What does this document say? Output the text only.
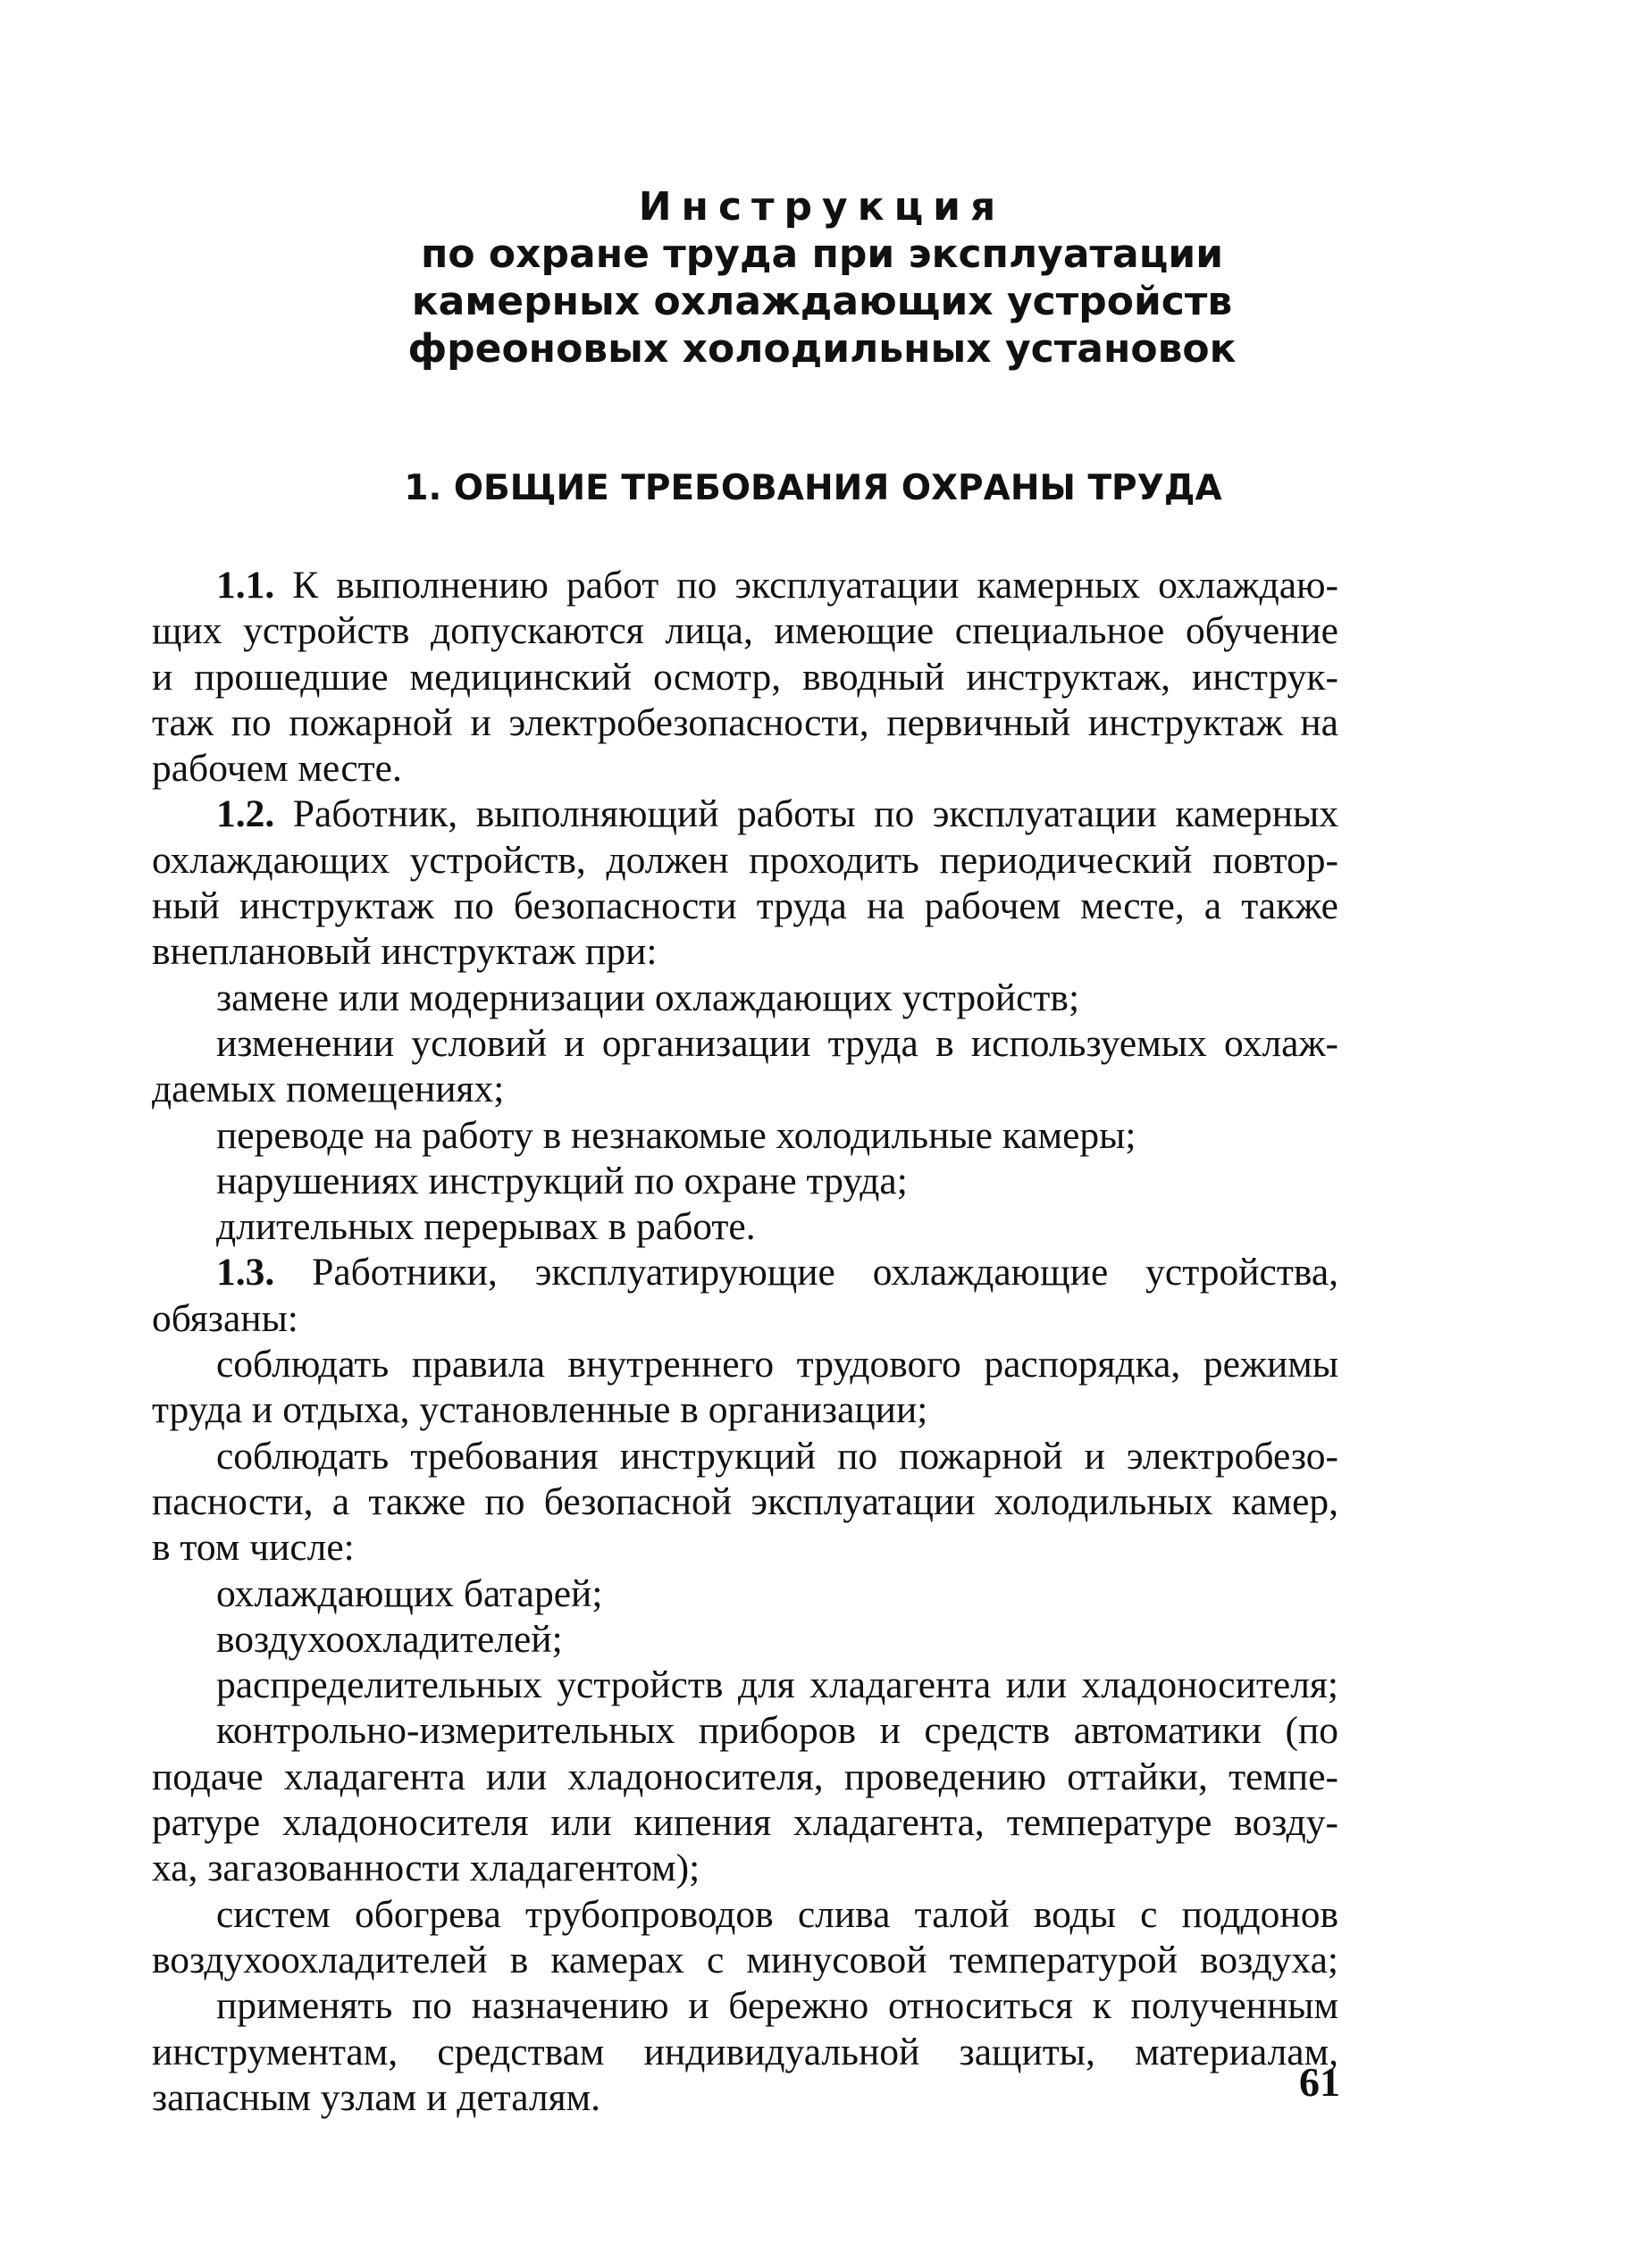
Инструкция
по охране труда при эксплуатации
камерных охлаждающих устройств
фреоновых холодильных установок
1. ОБЩИЕ ТРЕБОВАНИЯ ОХРАНЫ ТРУДА
1.1. К выполнению работ по эксплуатации камерных охлаждаю-
щих устройств допускаются лица, имеющие специальное обучение
и прошедшие медицинский осмотр, вводный инструктаж, инструк-
таж по пожарной и электробезопасности, первичный инструктаж на
рабочем месте.
1.2. Работник, выполняющий работы по эксплуатации камерных
охлаждающих устройств, должен проходить периодический повтор-
ный инструктаж по безопасности труда на рабочем месте, а также
внеплановый инструктаж при:
замене или модернизации охлаждающих устройств;
изменении условий и организации труда в используемых охлаж-
даемых помещениях;
переводе на работу в незнакомые холодильные камеры;
нарушениях инструкций по охране труда;
длительных перерывах в работе.
1.3. Работники, эксплуатирующие охлаждающие устройства,
обязаны:
соблюдать правила внутреннего трудового распорядка, режимы
труда и отдыха, установленные в организации;
соблюдать требования инструкций по пожарной и электробезо-
пасности, а также по безопасной эксплуатации холодильных камер,
в том числе:
охлаждающих батарей;
воздухоохладителей;
распределительных устройств для хладагента или хладоносителя;
контрольно-измерительных приборов и средств автоматики (по
подаче хладагента или хладоносителя, проведению оттайки, темпе-
ратуре хладоносителя или кипения хладагента, температуре возду-
ха, загазованности хладагентом);
систем обогрева трубопроводов слива талой воды с поддонов
воздухоохладителей в камерах с минусовой температурой воздуха;
применять по назначению и бережно относиться к полученным
инструментам, средствам индивидуальной защиты, материалам,
запасным узлам и деталям.	61
